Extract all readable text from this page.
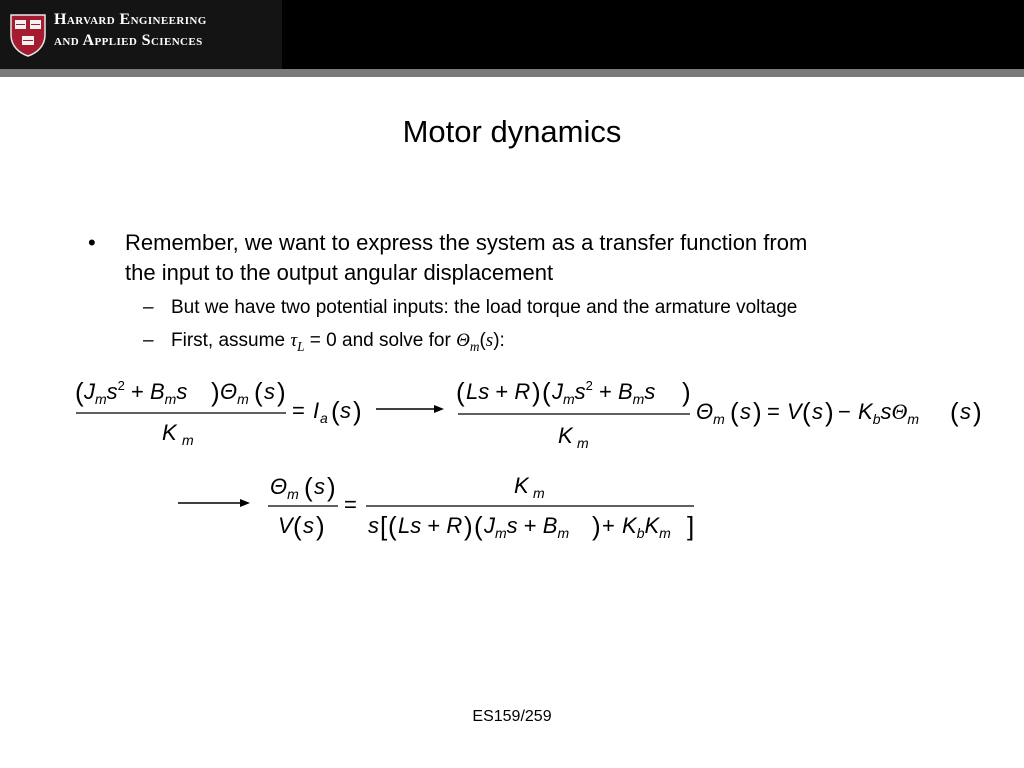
Harvard Engineering
and Applied Sciences
Motor dynamics
• Remember, we want to express the system as a transfer function from
the input to the output angular displacement
– But we have two potential inputs: the load torque and the armature voltage
– First, assume $\tau_L = 0$ and solve for $\Theta_m(s)$:
( $J_ms^2 + B_ms$ ) $\Theta_m$ ( s )
K m
= I a ( s )
( Ls + R ) ( $J_ms^2 + B_ms$ )
K m
$\Theta_m$ ( s ) = V ( s ) − $K_bs\Theta_m$ ( s )
$\Theta_m$ ( s )
V ( s )
=
K m
s [ ( Ls + R ) ( $J_ms + B_m$ ) + $K_bK_m$ ]
ES159/259
